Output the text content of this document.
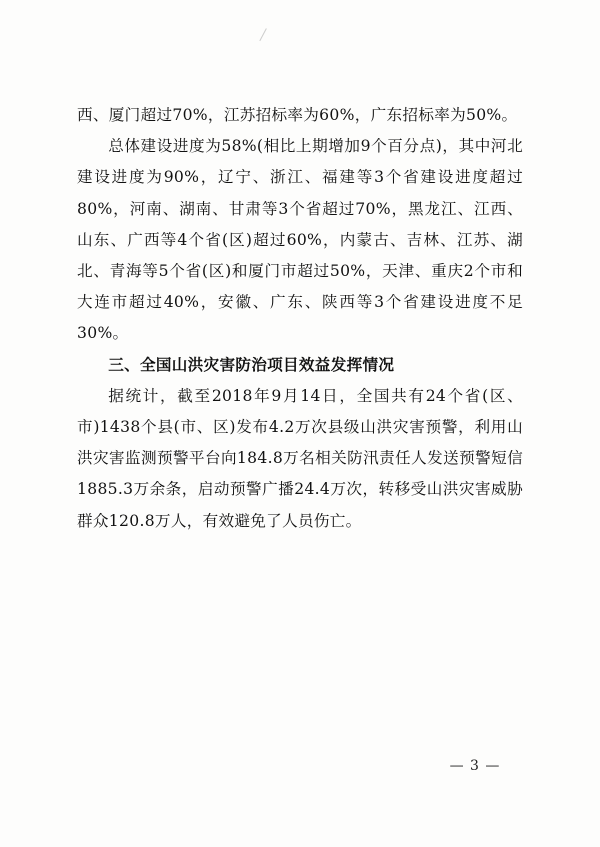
西、厦门超过70%，江苏招标率为60%，广东招标率为50%。

总体建设进度为58%(相比上期增加9个百分点)，其中河北建设进度为90%，辽宁、浙江、福建等3个省建设进度超过80%，河南、湖南、甘肃等3个省超过70%，黑龙江、江西、山东、广西等4个省(区)超过60%，内蒙古、吉林、江苏、湖北、青海等5个省(区)和厦门市超过50%，天津、重庆2个市和大连市超过40%，安徽、广东、陕西等3个省建设进度不足30%。

三、全国山洪灾害防治项目效益发挥情况

据统计，截至2018年9月14日，全国共有24个省(区、市)1438个县(市、区)发布4.2万次县级山洪灾害预警，利用山洪灾害监测预警平台向184.8万名相关防汛责任人发送预警短信1885.3万余条，启动预警广播24.4万次，转移受山洪灾害威胁群众120.8万人，有效避免了人员伤亡。

— 3 —
